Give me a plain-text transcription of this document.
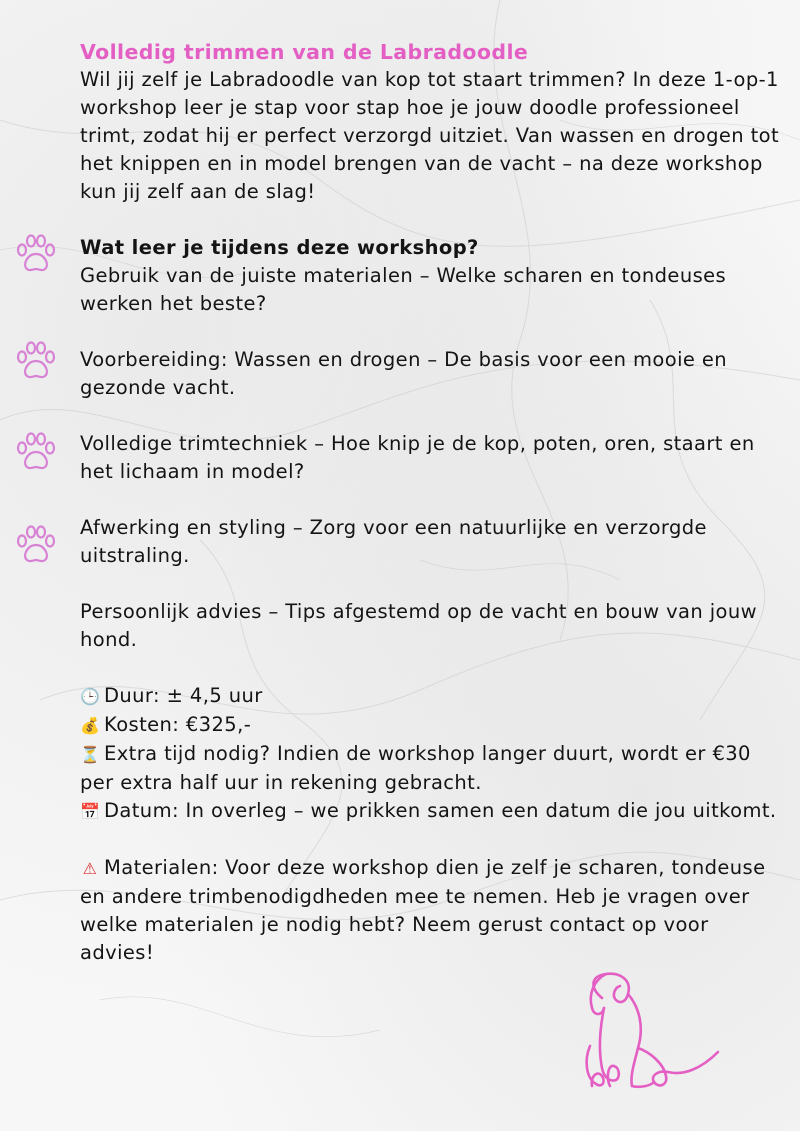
Volledig trimmen van de Labradoodle

Wil jij zelf je Labradoodle van kop tot staart trimmen? In deze 1-op-1 workshop leer je stap voor stap hoe je jouw doodle professioneel trimt, zodat hij er perfect verzorgd uitziet. Van wassen en drogen tot het knippen en in model brengen van de vacht – na deze workshop kun jij zelf aan de slag!

Wat leer je tijdens deze workshop?

Gebruik van de juiste materialen – Welke scharen en tondeuses werken het beste?

Voorbereiding: Wassen en drogen – De basis voor een mooie en gezonde vacht.

Volledige trimtechniek – Hoe knip je de kop, poten, oren, staart en het lichaam in model?

Afwerking en styling – Zorg voor een natuurlijke en verzorgde uitstraling.

Persoonlijk advies – Tips afgestemd op de vacht en bouw van jouw hond.

🕒 Duur: ± 4,5 uur

💰 Kosten: €325,-

⏳ Extra tijd nodig? Indien de workshop langer duurt, wordt er €30 per extra half uur in rekening gebracht.

📅 Datum: In overleg – we prikken samen een datum die jou uitkomt.

⚠ Materialen: Voor deze workshop dien je zelf je scharen, tondeuse en andere trimbenodigdheden mee te nemen. Heb je vragen over welke materialen je nodig hebt? Neem gerust contact op voor advies!
